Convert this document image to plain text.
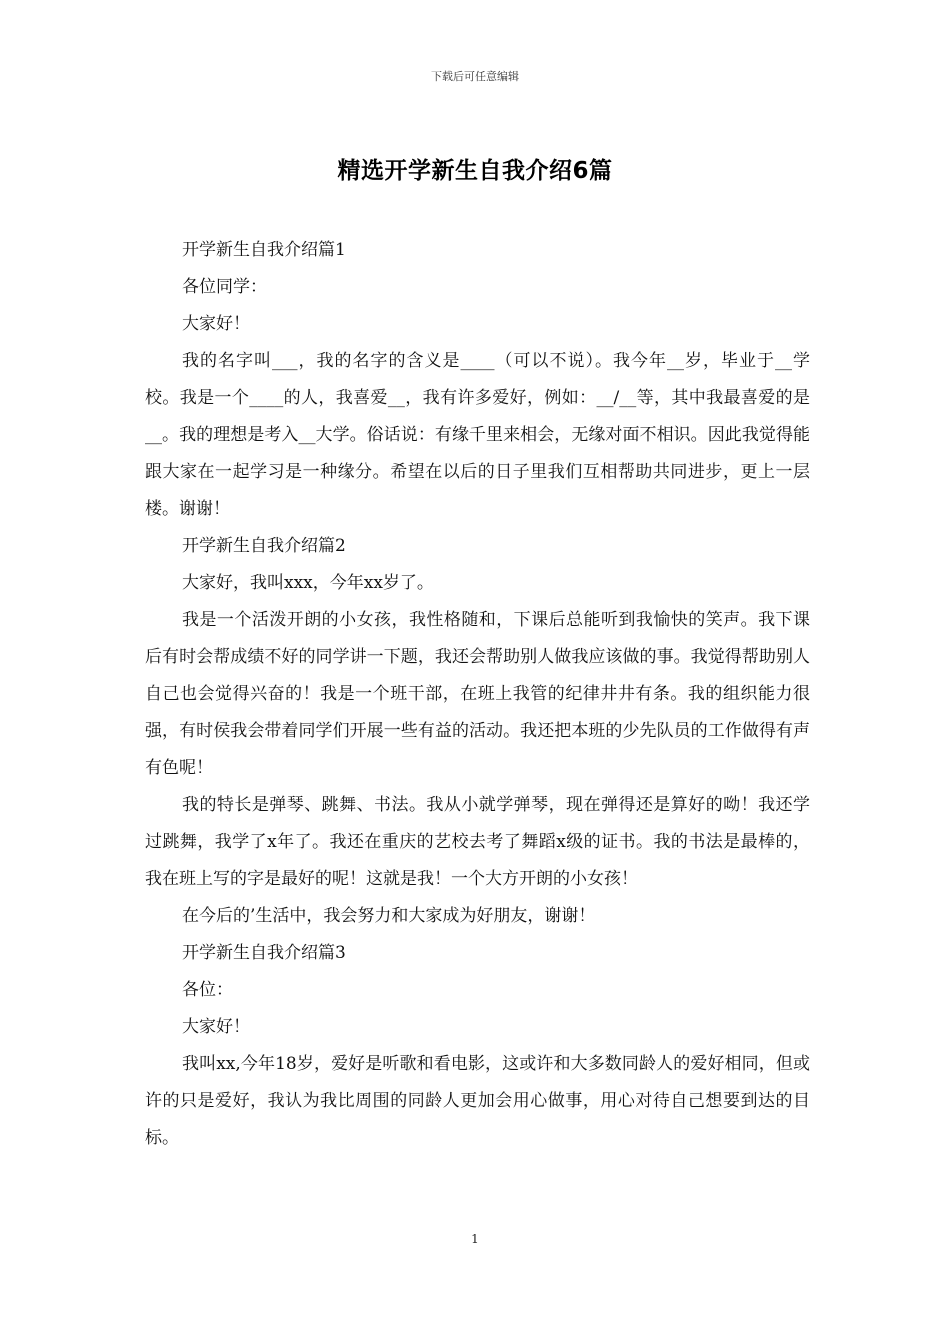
下载后可任意编辑
精选开学新生自我介绍6篇

开学新生自我介绍篇1

各位同学：

大家好！

我的名字叫___，我的名字的含义是____（可以不说）。我今年__岁，毕业于__学校。我是一个____的人，我喜爱__，我有许多爱好，例如：__/__等，其中我最喜爱的是__。我的理想是考入__大学。俗话说：有缘千里来相会，无缘对面不相识。因此我觉得能跟大家在一起学习是一种缘分。希望在以后的日子里我们互相帮助共同进步，更上一层楼。谢谢！

开学新生自我介绍篇2

大家好，我叫xxx，今年xx岁了。

我是一个活泼开朗的小女孩，我性格随和，下课后总能听到我愉快的笑声。我下课后有时会帮成绩不好的同学讲一下题，我还会帮助别人做我应该做的事。我觉得帮助别人自己也会觉得兴奋的！我是一个班干部，在班上我管的纪律井井有条。我的组织能力很强，有时侯我会带着同学们开展一些有益的活动。我还把本班的少先队员的工作做得有声有色呢！

我的特长是弹琴、跳舞、书法。我从小就学弹琴，现在弹得还是算好的呦！我还学过跳舞，我学了x年了。我还在重庆的艺校去考了舞蹈x级的证书。我的书法是最棒的，我在班上写的字是最好的呢！这就是我！一个大方开朗的小女孩！

在今后的’生活中，我会努力和大家成为好朋友，谢谢！

开学新生自我介绍篇3

各位：

大家好！

我叫xx,今年18岁，爱好是听歌和看电影，这或许和大多数同龄人的爱好相同，但或许的只是爱好，我认为我比周围的同龄人更加会用心做事，用心对待自己想要到达的目标。

1
